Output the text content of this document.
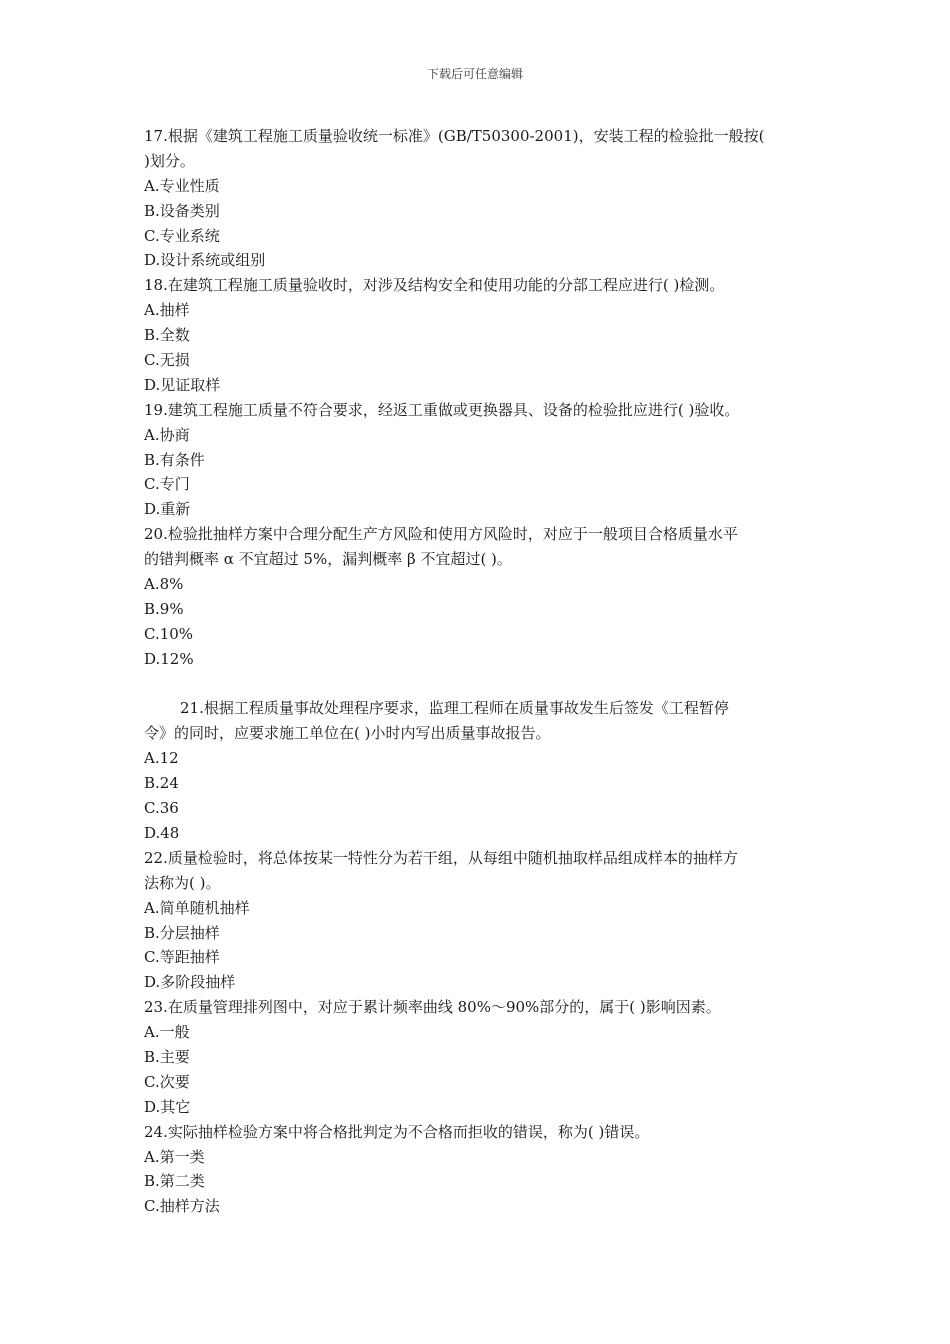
下载后可任意编辑
17.根据《建筑工程施工质量验收统一标准》(GB/T50300-2001)，安装工程的检验批一般按(
)划分。
A.专业性质
B.设备类别
C.专业系统
D.设计系统或组别
18.在建筑工程施工质量验收时，对涉及结构安全和使用功能的分部工程应进行( )检测。
A.抽样
B.全数
C.无损
D.见证取样
19.建筑工程施工质量不符合要求，经返工重做或更换器具、设备的检验批应进行( )验收。
A.协商
B.有条件
C.专门
D.重新
20.检验批抽样方案中合理分配生产方风险和使用方风险时，对应于一般项目合格质量水平
的错判概率 α 不宜超过 5%，漏判概率 β 不宜超过( )。
A.8%
B.9%
C.10%
D.12%
21.根据工程质量事故处理程序要求，监理工程师在质量事故发生后签发《工程暂停
令》的同时，应要求施工单位在( )小时内写出质量事故报告。
A.12
B.24
C.36
D.48
22.质量检验时，将总体按某一特性分为若干组，从每组中随机抽取样品组成样本的抽样方
法称为( )。
A.简单随机抽样
B.分层抽样
C.等距抽样
D.多阶段抽样
23.在质量管理排列图中，对应于累计频率曲线 80%～90%部分的，属于( )影响因素。
A.一般
B.主要
C.次要
D.其它
24.实际抽样检验方案中将合格批判定为不合格而拒收的错误，称为( )错误。
A.第一类
B.第二类
C.抽样方法
